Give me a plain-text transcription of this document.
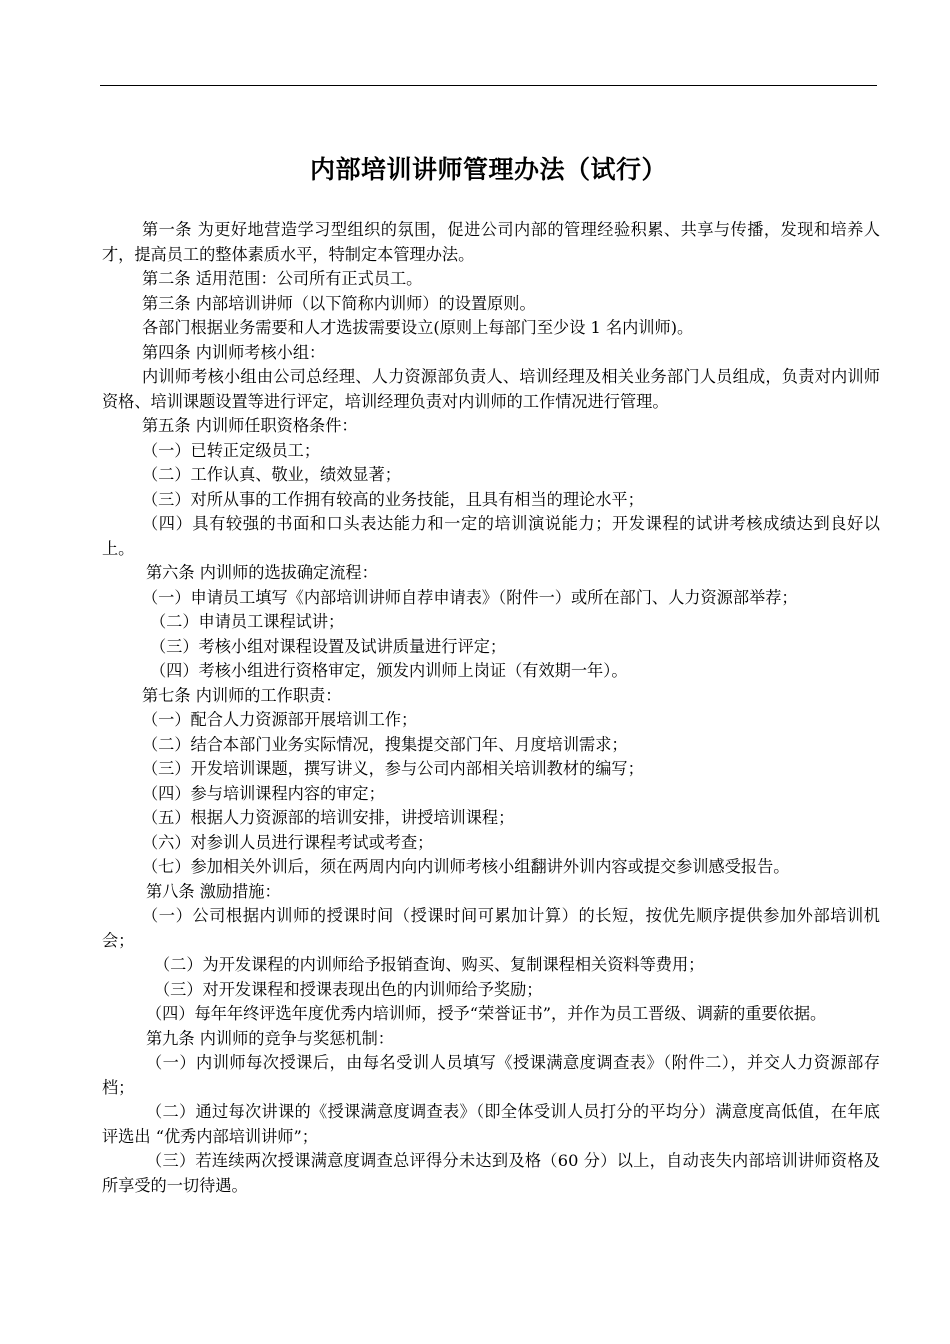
内部培训讲师管理办法（试行）

第一条 为更好地营造学习型组织的氛围，促进公司内部的管理经验积累、共享与传播，发现和培养人才，提高员工的整体素质水平，特制定本管理办法。

第二条 适用范围：公司所有正式员工。

第三条 内部培训讲师（以下简称内训师）的设置原则。

各部门根据业务需要和人才选拔需要设立(原则上每部门至少设 1 名内训师)。

第四条 内训师考核小组：

内训师考核小组由公司总经理、人力资源部负责人、培训经理及相关业务部门人员组成，负责对内训师资格、培训课题设置等进行评定，培训经理负责对内训师的工作情况进行管理。

第五条 内训师任职资格条件：

（一）已转正定级员工；

（二）工作认真、敬业，绩效显著；

（三）对所从事的工作拥有较高的业务技能，且具有相当的理论水平；

（四）具有较强的书面和口头表达能力和一定的培训演说能力；开发课程的试讲考核成绩达到良好以上。

第六条 内训师的选拔确定流程：

（一）申请员工填写《内部培训讲师自荐申请表》（附件一）或所在部门、人力资源部举荐；

（二）申请员工课程试讲；

（三）考核小组对课程设置及试讲质量进行评定；

（四）考核小组进行资格审定，颁发内训师上岗证（有效期一年）。

第七条 内训师的工作职责：

（一）配合人力资源部开展培训工作；

（二）结合本部门业务实际情况，搜集提交部门年、月度培训需求；

（三）开发培训课题，撰写讲义，参与公司内部相关培训教材的编写；

（四）参与培训课程内容的审定；

（五）根据人力资源部的培训安排，讲授培训课程；

（六）对参训人员进行课程考试或考查；

（七）参加相关外训后，须在两周内向内训师考核小组翻讲外训内容或提交参训感受报告。

第八条 激励措施：

（一）公司根据内训师的授课时间（授课时间可累加计算）的长短，按优先顺序提供参加外部培训机会；

（二）为开发课程的内训师给予报销查询、购买、复制课程相关资料等费用；

（三）对开发课程和授课表现出色的内训师给予奖励；

（四）每年年终评选年度优秀内培训师，授予“荣誉证书”，并作为员工晋级、调薪的重要依据。

第九条 内训师的竞争与奖惩机制：

（一）内训师每次授课后，由每名受训人员填写《授课满意度调查表》（附件二），并交人力资源部存档；

（二）通过每次讲课的《授课满意度调查表》（即全体受训人员打分的平均分）满意度高低值，在年底评选出 “优秀内部培训讲师”；

（三）若连续两次授课满意度调查总评得分未达到及格（60 分）以上，自动丧失内部培训讲师资格及所享受的一切待遇。
